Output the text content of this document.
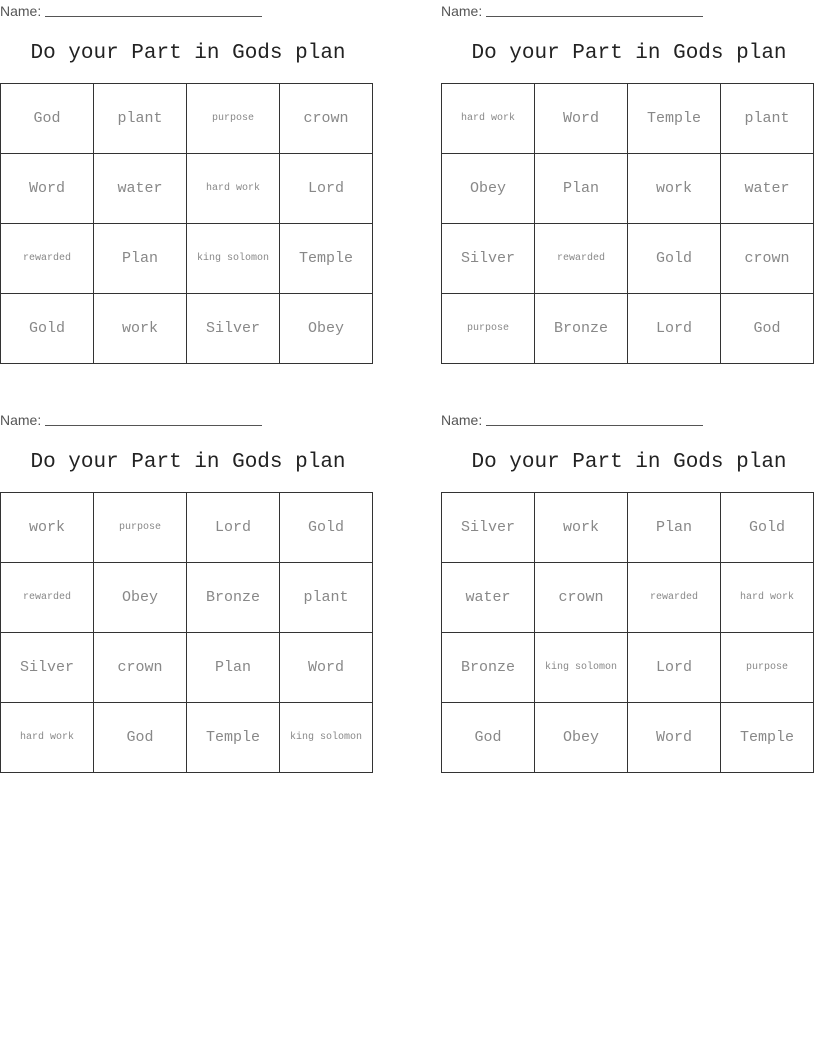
Name:
Do your Part in Gods plan
God	plant	purpose	crown
Word	water	hard work	Lord
rewarded	Plan	king solomon	Temple
Gold	work	Silver	Obey
Name:
Do your Part in Gods plan
hard work	Word	Temple	plant
Obey	Plan	work	water
Silver	rewarded	Gold	crown
purpose	Bronze	Lord	God
Name:
Do your Part in Gods plan
work	purpose	Lord	Gold
rewarded	Obey	Bronze	plant
Silver	crown	Plan	Word
hard work	God	Temple	king solomon
Name:
Do your Part in Gods plan
Silver	work	Plan	Gold
water	crown	rewarded	hard work
Bronze	king solomon	Lord	purpose
God	Obey	Word	Temple
